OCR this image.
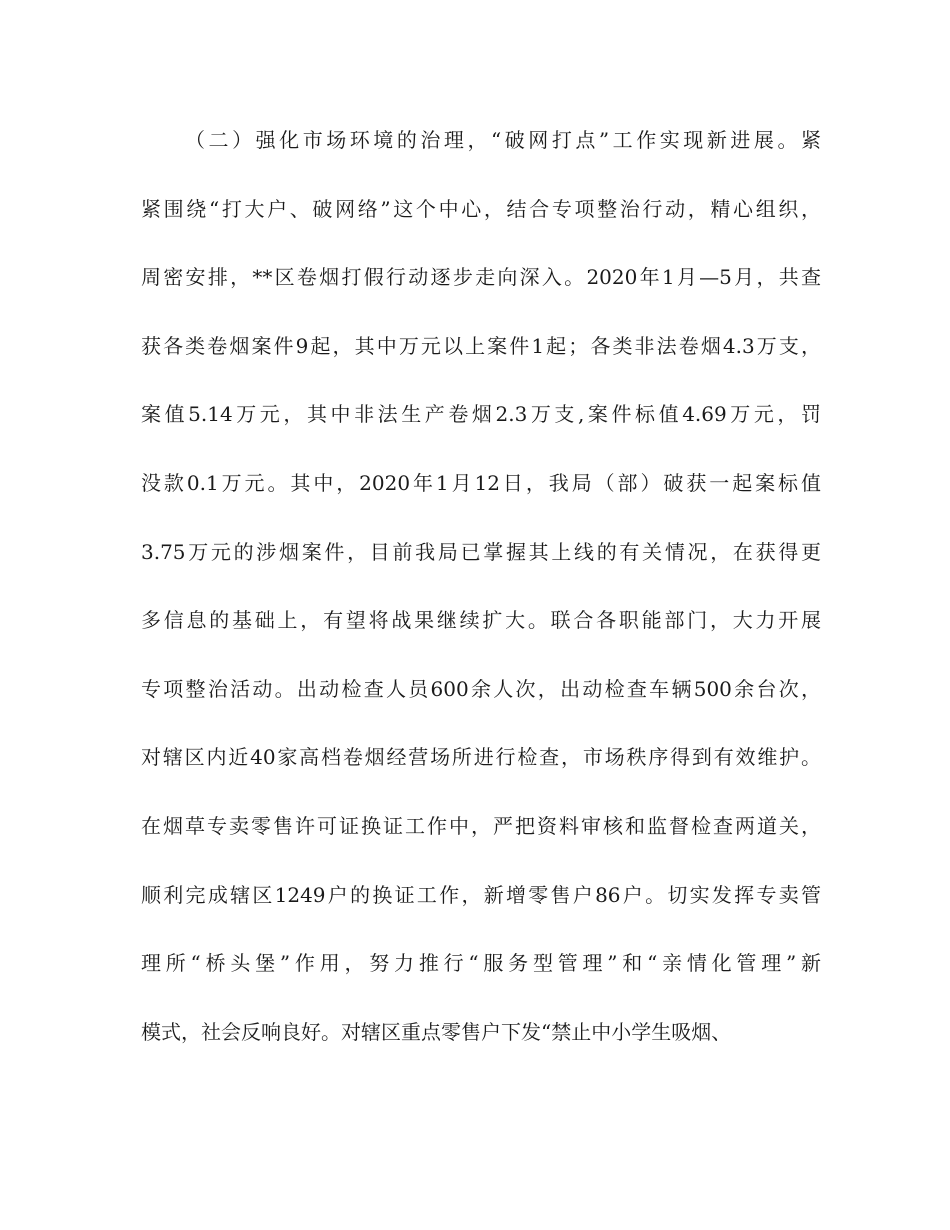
（二）强化市场环境的治理，“破网打点”工作实现新进展。紧
紧围绕“打大户、破网络”这个中心，结合专项整治行动，精心组织，
周密安排，**区卷烟打假行动逐步走向深入。2020年1月—5月，共查
获各类卷烟案件9起，其中万元以上案件1起；各类非法卷烟4.3万支，
案值5.14万元，其中非法生产卷烟2.3万支,案件标值4.69万元，罚
没款0.1万元。其中，2020年1月12日，我局（部）破获一起案标值
3.75万元的涉烟案件，目前我局已掌握其上线的有关情况，在获得更
多信息的基础上，有望将战果继续扩大。联合各职能部门，大力开展
专项整治活动。出动检查人员600余人次，出动检查车辆500余台次，
对辖区内近40家高档卷烟经营场所进行检查，市场秩序得到有效维护。
在烟草专卖零售许可证换证工作中，严把资料审核和监督检查两道关，
顺利完成辖区1249户的换证工作，新增零售户86户。切实发挥专卖管
理所“桥头堡”作用，努力推行“服务型管理”和“亲情化管理”新
模式，社会反响良好。对辖区重点零售户下发“禁止中小学生吸烟、
